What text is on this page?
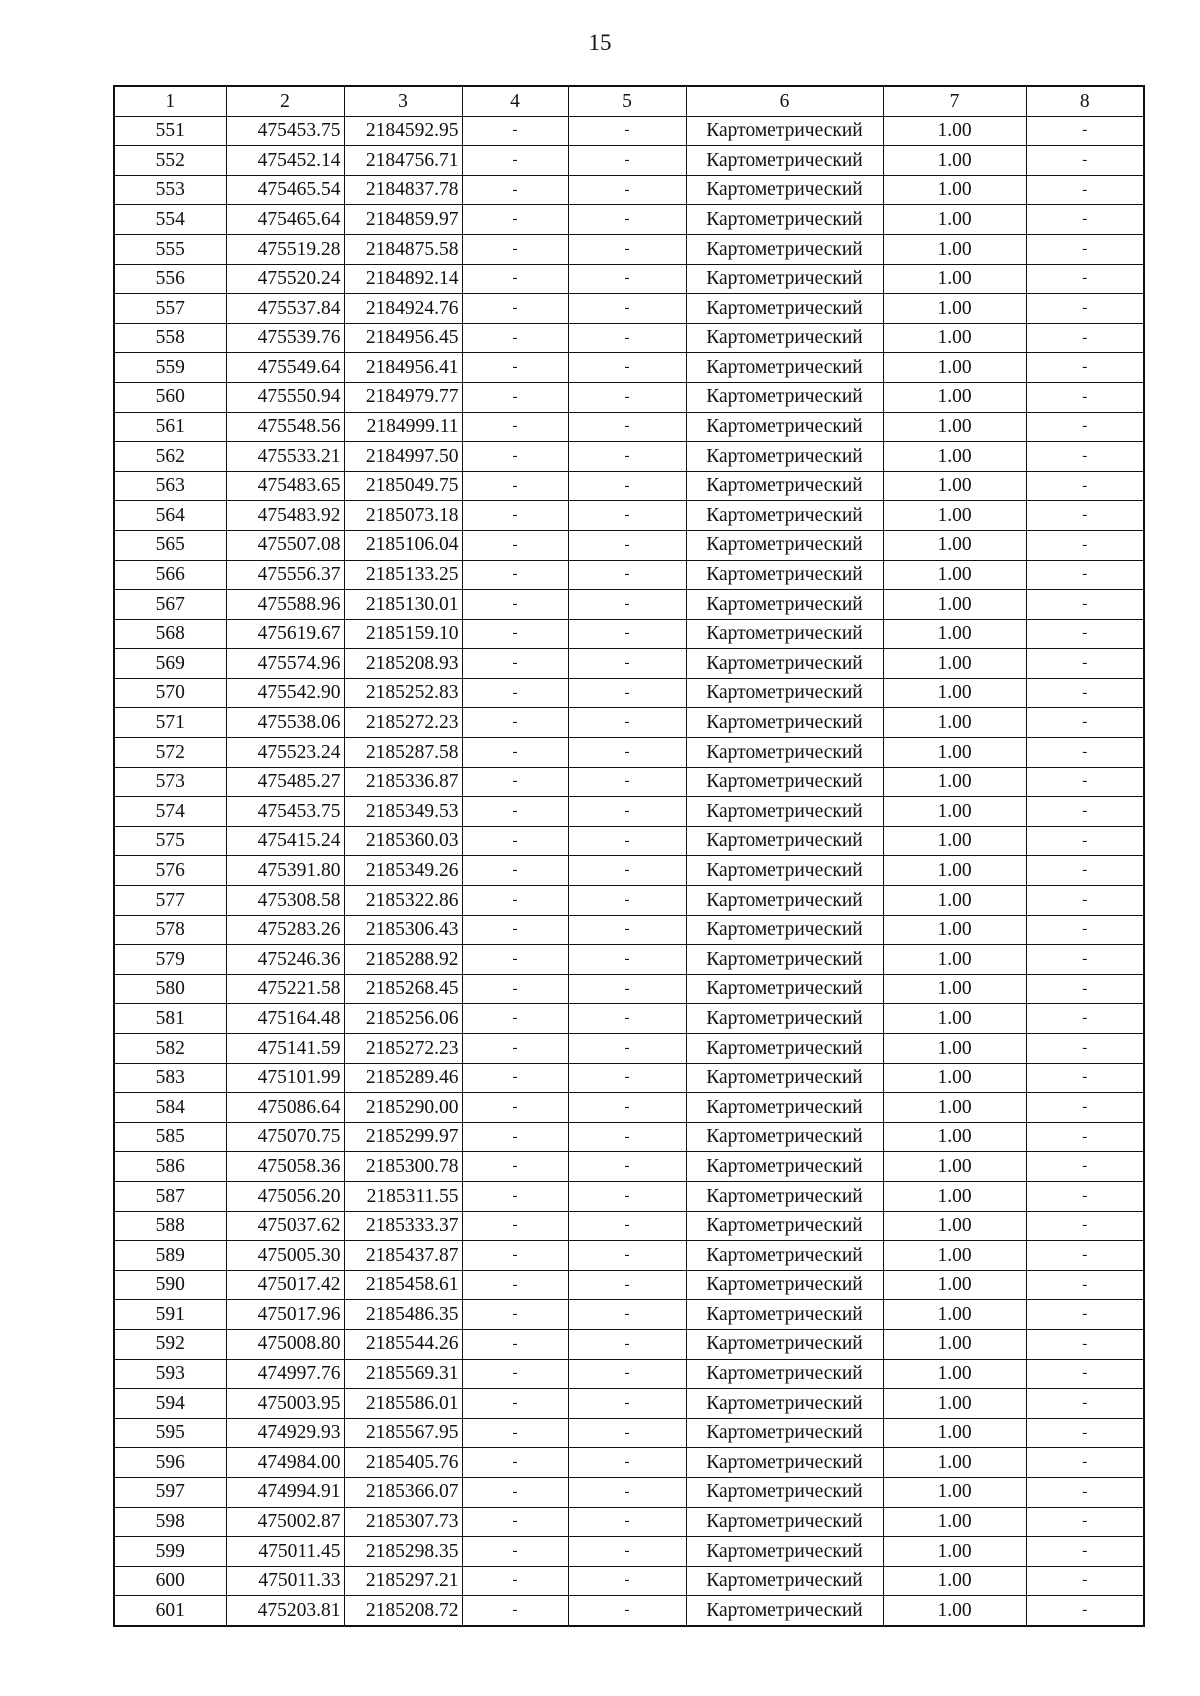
15
1	2	3	4	5	6	7	8
551	475453.75	2184592.95	-	-	Картометрический	1.00	-
552	475452.14	2184756.71	-	-	Картометрический	1.00	-
553	475465.54	2184837.78	-	-	Картометрический	1.00	-
554	475465.64	2184859.97	-	-	Картометрический	1.00	-
555	475519.28	2184875.58	-	-	Картометрический	1.00	-
556	475520.24	2184892.14	-	-	Картометрический	1.00	-
557	475537.84	2184924.76	-	-	Картометрический	1.00	-
558	475539.76	2184956.45	-	-	Картометрический	1.00	-
559	475549.64	2184956.41	-	-	Картометрический	1.00	-
560	475550.94	2184979.77	-	-	Картометрический	1.00	-
561	475548.56	2184999.11	-	-	Картометрический	1.00	-
562	475533.21	2184997.50	-	-	Картометрический	1.00	-
563	475483.65	2185049.75	-	-	Картометрический	1.00	-
564	475483.92	2185073.18	-	-	Картометрический	1.00	-
565	475507.08	2185106.04	-	-	Картометрический	1.00	-
566	475556.37	2185133.25	-	-	Картометрический	1.00	-
567	475588.96	2185130.01	-	-	Картометрический	1.00	-
568	475619.67	2185159.10	-	-	Картометрический	1.00	-
569	475574.96	2185208.93	-	-	Картометрический	1.00	-
570	475542.90	2185252.83	-	-	Картометрический	1.00	-
571	475538.06	2185272.23	-	-	Картометрический	1.00	-
572	475523.24	2185287.58	-	-	Картометрический	1.00	-
573	475485.27	2185336.87	-	-	Картометрический	1.00	-
574	475453.75	2185349.53	-	-	Картометрический	1.00	-
575	475415.24	2185360.03	-	-	Картометрический	1.00	-
576	475391.80	2185349.26	-	-	Картометрический	1.00	-
577	475308.58	2185322.86	-	-	Картометрический	1.00	-
578	475283.26	2185306.43	-	-	Картометрический	1.00	-
579	475246.36	2185288.92	-	-	Картометрический	1.00	-
580	475221.58	2185268.45	-	-	Картометрический	1.00	-
581	475164.48	2185256.06	-	-	Картометрический	1.00	-
582	475141.59	2185272.23	-	-	Картометрический	1.00	-
583	475101.99	2185289.46	-	-	Картометрический	1.00	-
584	475086.64	2185290.00	-	-	Картометрический	1.00	-
585	475070.75	2185299.97	-	-	Картометрический	1.00	-
586	475058.36	2185300.78	-	-	Картометрический	1.00	-
587	475056.20	2185311.55	-	-	Картометрический	1.00	-
588	475037.62	2185333.37	-	-	Картометрический	1.00	-
589	475005.30	2185437.87	-	-	Картометрический	1.00	-
590	475017.42	2185458.61	-	-	Картометрический	1.00	-
591	475017.96	2185486.35	-	-	Картометрический	1.00	-
592	475008.80	2185544.26	-	-	Картометрический	1.00	-
593	474997.76	2185569.31	-	-	Картометрический	1.00	-
594	475003.95	2185586.01	-	-	Картометрический	1.00	-
595	474929.93	2185567.95	-	-	Картометрический	1.00	-
596	474984.00	2185405.76	-	-	Картометрический	1.00	-
597	474994.91	2185366.07	-	-	Картометрический	1.00	-
598	475002.87	2185307.73	-	-	Картометрический	1.00	-
599	475011.45	2185298.35	-	-	Картометрический	1.00	-
600	475011.33	2185297.21	-	-	Картометрический	1.00	-
601	475203.81	2185208.72	-	-	Картометрический	1.00	-
